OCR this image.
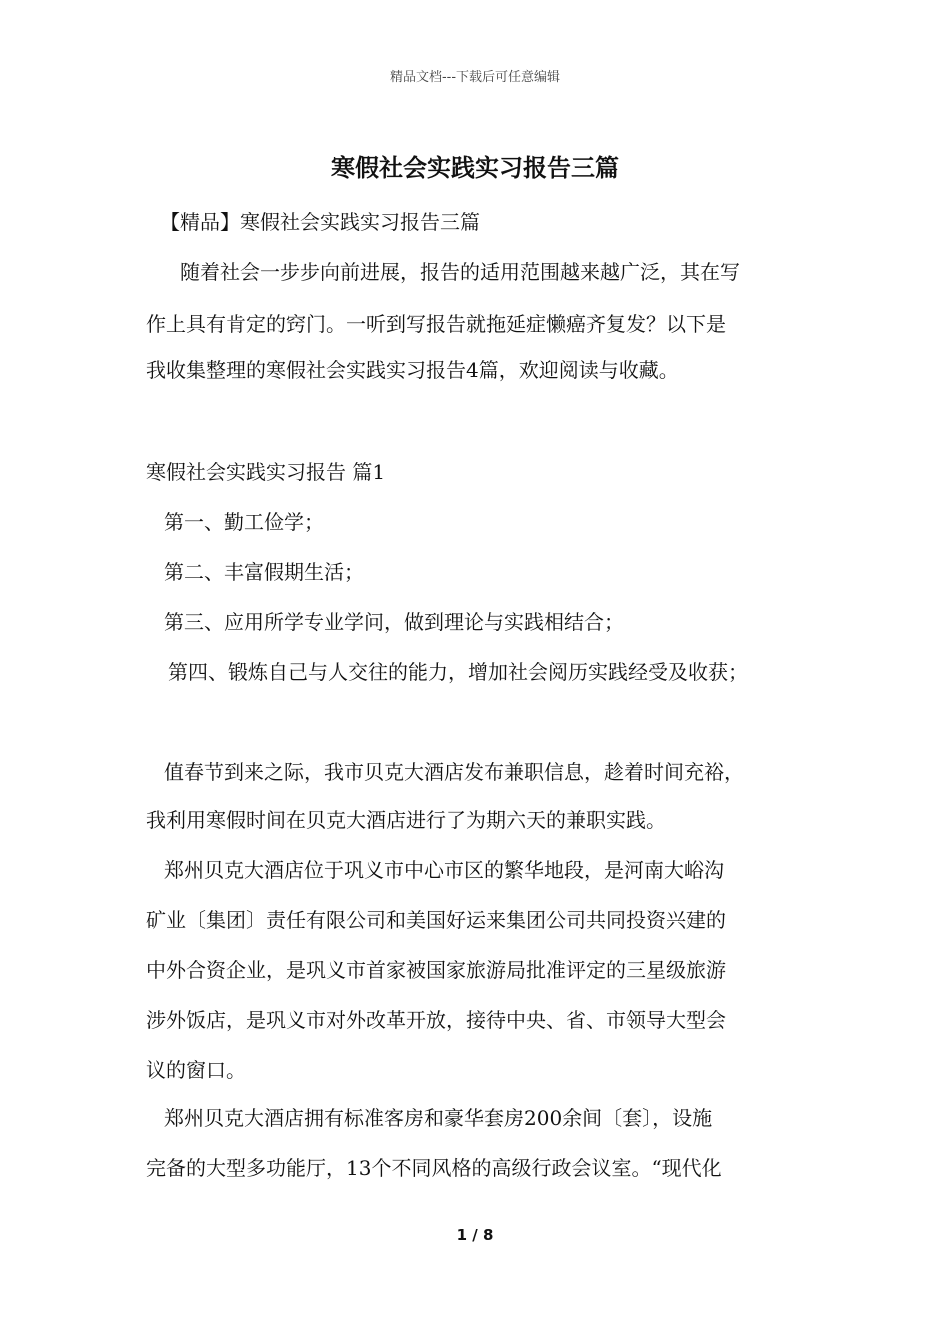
精品文档---下载后可任意编辑
寒假社会实践实习报告三篇
【精品】寒假社会实践实习报告三篇
随着社会一步步向前进展，报告的适用范围越来越广泛，其在写
作上具有肯定的窍门。一听到写报告就拖延症懒癌齐复发？以下是
我收集整理的寒假社会实践实习报告4篇，欢迎阅读与收藏。
寒假社会实践实习报告 篇1
第一、勤工俭学；
第二、丰富假期生活；
第三、应用所学专业学问，做到理论与实践相结合；
第四、锻炼自己与人交往的能力，增加社会阅历实践经受及收获；
值春节到来之际，我市贝克大酒店发布兼职信息，趁着时间充裕，
我利用寒假时间在贝克大酒店进行了为期六天的兼职实践。
郑州贝克大酒店位于巩义市中心市区的繁华地段，是河南大峪沟
矿业〔集团〕责任有限公司和美国好运来集团公司共同投资兴建的
中外合资企业，是巩义市首家被国家旅游局批准评定的三星级旅游
涉外饭店，是巩义市对外改革开放，接待中央、省、市领导大型会
议的窗口。
郑州贝克大酒店拥有标准客房和豪华套房200余间〔套〕，设施
完备的大型多功能厅，13个不同风格的高级行政会议室。“现代化
1 / 8
